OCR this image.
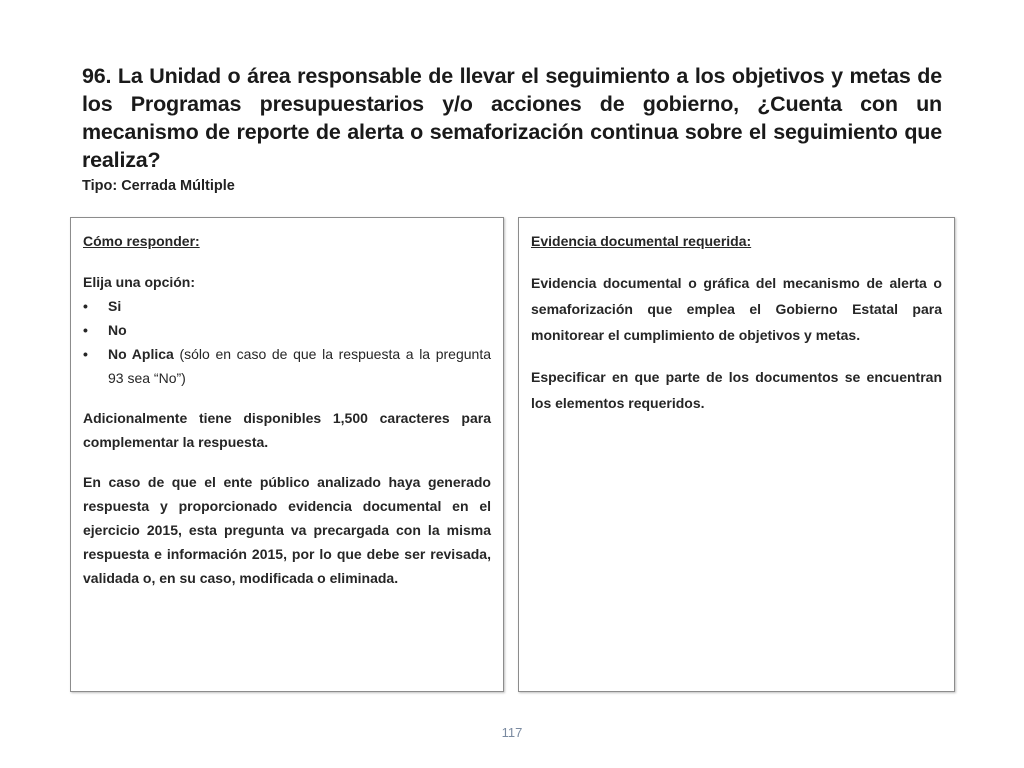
96. La Unidad o área responsable de llevar el seguimiento a los objetivos y metas de los Programas presupuestarios y/o acciones de gobierno, ¿Cuenta con un mecanismo de reporte de alerta o semaforización continua sobre el seguimiento que realiza?
Tipo: Cerrada Múltiple
Cómo responder:

Elija una opción:

• Si
• No
• No Aplica (sólo en caso de que la respuesta a la pregunta 93 sea “No”)

Adicionalmente tiene disponibles 1,500 caracteres para complementar la respuesta.

En caso de que el ente público analizado haya generado respuesta y proporcionado evidencia documental en el ejercicio 2015, esta pregunta va precargada con la misma respuesta e información 2015, por lo que debe ser revisada, validada o, en su caso, modificada o eliminada.

Evidencia documental requerida:

Evidencia documental o gráfica del mecanismo de alerta o semaforización que emplea el Gobierno Estatal para monitorear el cumplimiento de objetivos y metas.

Especificar en que parte de los documentos se encuentran los elementos requeridos.

117
